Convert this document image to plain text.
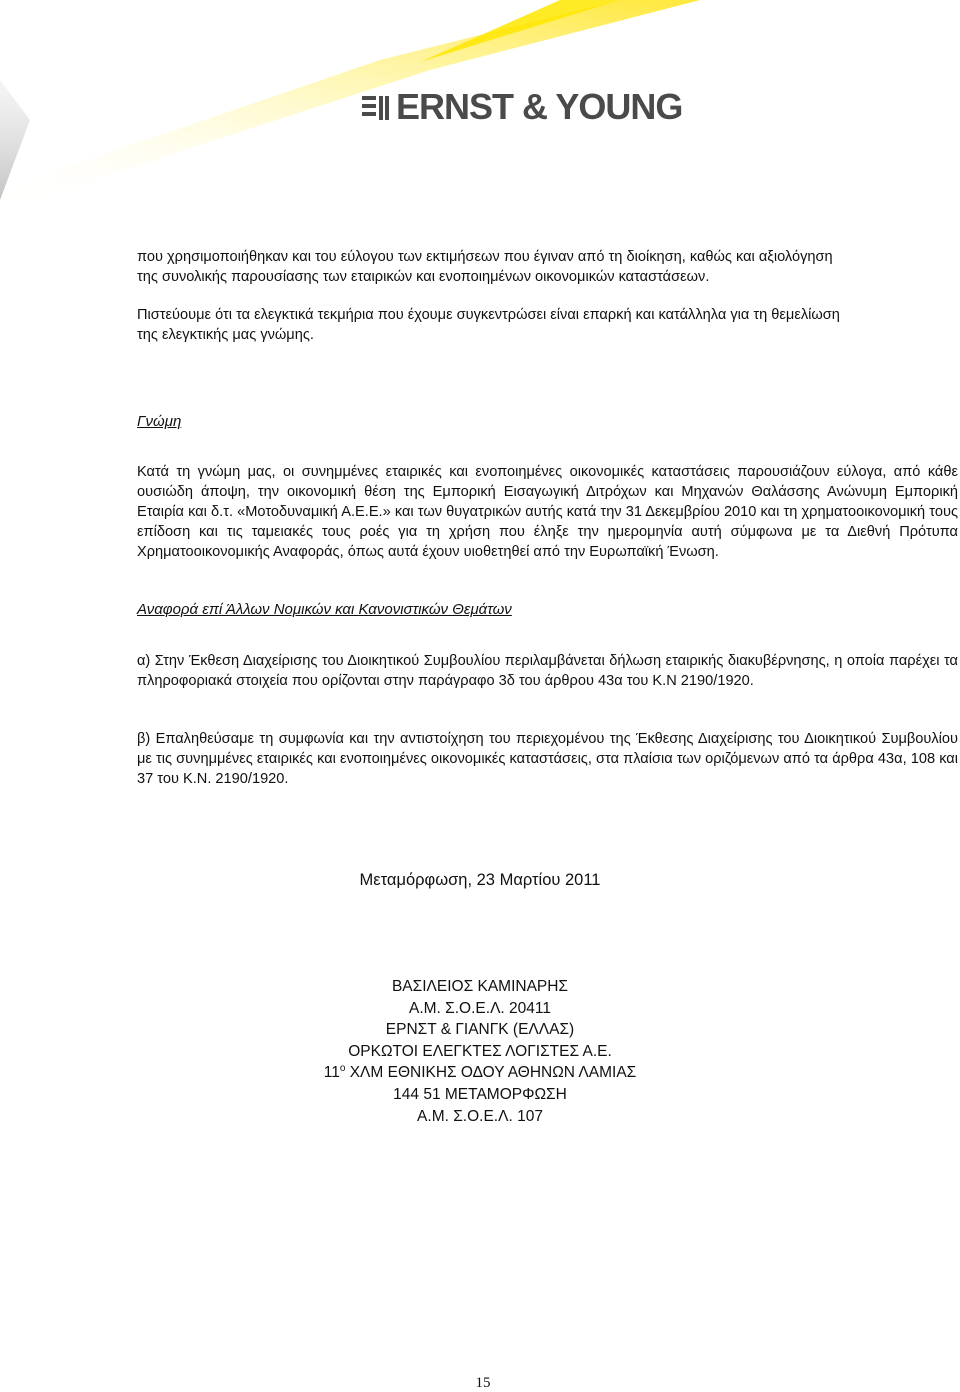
ERNST & YOUNG

που χρησιμοποιήθηκαν και του εύλογου των εκτιμήσεων που έγιναν από τη διοίκηση, καθώς και αξιολόγηση
της συνολικής παρουσίασης των εταιρικών και ενοποιημένων οικονομικών καταστάσεων.

Πιστεύουμε ότι τα ελεγκτικά τεκμήρια που έχουμε συγκεντρώσει είναι επαρκή και κατάλληλα για τη θεμελίωση
της ελεγκτικής μας γνώμης.

Γνώμη

Κατά τη γνώμη μας, οι συνημμένες εταιρικές και ενοποιημένες οικονομικές καταστάσεις παρουσιάζουν εύλογα, από κάθε ουσιώδη άποψη, την οικονομική θέση της Εμπορική Εισαγωγική Διτρόχων και Μηχανών Θαλάσσης Ανώνυμη Εμπορική Εταιρία και δ.τ. «Μοτοδυναμική Α.Ε.Ε.» και των θυγατρικών αυτής κατά την 31 Δεκεμβρίου 2010 και τη χρηματοοικονομική τους επίδοση και τις ταμειακές τους ροές για τη χρήση που έληξε την ημερομηνία αυτή σύμφωνα με τα Διεθνή Πρότυπα Χρηματοοικονομικής Αναφοράς, όπως αυτά έχουν υιοθετηθεί από την Ευρωπαϊκή Ένωση.

Αναφορά επί Άλλων Νομικών και Κανονιστικών Θεμάτων

α) Στην Έκθεση Διαχείρισης του Διοικητικού Συμβουλίου περιλαμβάνεται δήλωση εταιρικής διακυβέρνησης, η οποία παρέχει τα πληροφοριακά στοιχεία που ορίζονται στην παράγραφο 3δ του άρθρου 43α του Κ.Ν 2190/1920.

β) Επαληθεύσαμε τη συμφωνία και την αντιστοίχηση του περιεχομένου της Έκθεσης Διαχείρισης του Διοικητικού Συμβουλίου με τις συνημμένες εταιρικές και ενοποιημένες οικονομικές καταστάσεις, στα πλαίσια των οριζόμενων από τα άρθρα 43α, 108 και 37 του Κ.Ν. 2190/1920.

Μεταμόρφωση, 23 Μαρτίου 2011

ΒΑΣΙΛΕΙΟΣ ΚΑΜΙΝΑΡΗΣ

Α.Μ. Σ.Ο.Ε.Λ. 20411

ΕΡΝΣΤ & ΓΙΑΝΓΚ (ΕΛΛΑΣ)

ΟΡΚΩΤΟΙ ΕΛΕΓΚΤΕΣ ΛΟΓΙΣΤΕΣ Α.Ε.

$11^o$ ΧΛΜ ΕΘΝΙΚΗΣ ΟΔΟΥ ΑΘΗΝΩΝ ΛΑΜΙΑΣ

144 51 ΜΕΤΑΜΟΡΦΩΣΗ

Α.Μ. Σ.Ο.Ε.Λ. 107

15
